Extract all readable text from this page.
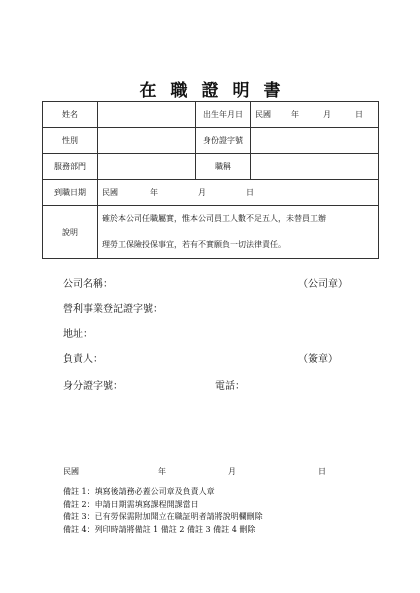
在職證明書
姓名		出生年月日	民國 年 月 日
性別		身份證字號	
服務部門		職稱	
到職日期	民國 年 月 日		
說明	確於本公司任職屬實，惟本公司員工人數不足五人，未替員工辦
理勞工保險投保事宜，若有不實願負一切法律責任。		
公司名稱：	（公司章）
營利事業登記證字號：
地址：
負責人：	（簽章）
身分證字號：	電話：
民國	年	月	日
備註 1：填寫後請務必蓋公司章及負責人章
備註 2：申請日期需填寫課程開課當日
備註 3：已有勞保需附加聞立在職証明者請將說明欄刪除
備註 4：列印時請將備註 1 備註 2 備註 3 備註 4 刪除
